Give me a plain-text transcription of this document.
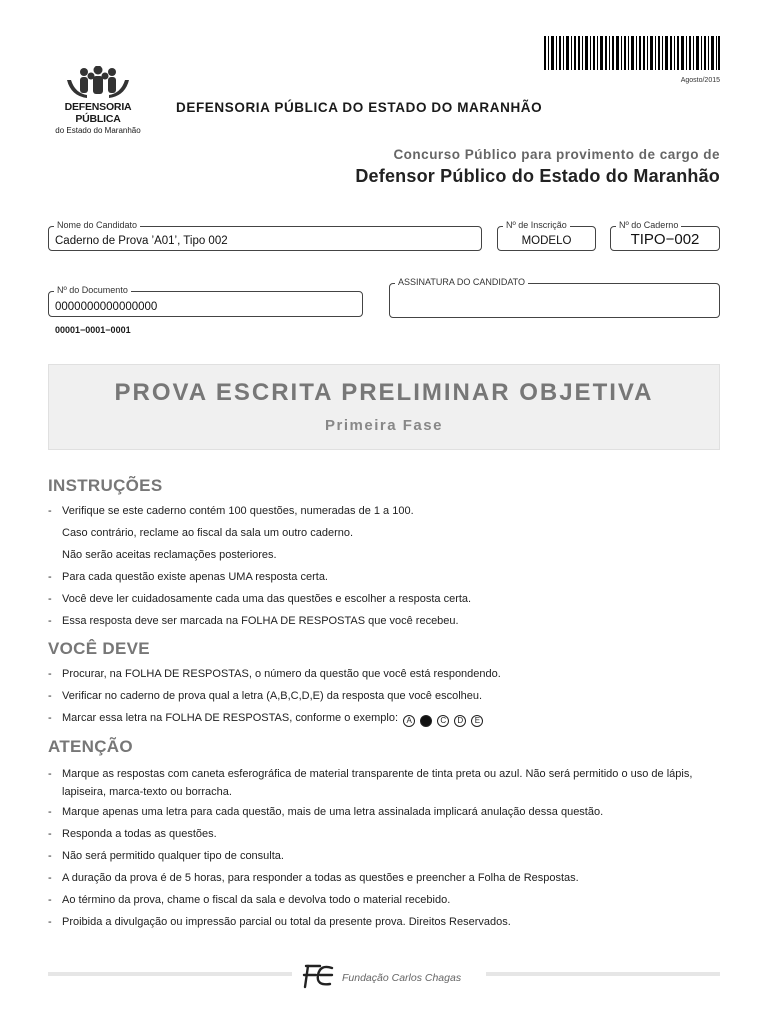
Agosto/2015
DEFENSORIA PÚBLICA
do Estado do Maranhão
DEFENSORIA PÚBLICA DO ESTADO DO MARANHÃO
Concurso Público para provimento de cargo de
Defensor Público do Estado do Maranhão
Nome do Candidato
Caderno de Prova ’A01’, Tipo 002
Nº de Inscrição
MODELO
Nº do Caderno
TIPO−002
Nº do Documento
0000000000000000
ASSINATURA DO CANDIDATO
00001−0001−0001
PROVA ESCRITA PRELIMINAR OBJETIVA
Primeira Fase
INSTRUÇÕES
- Verifique se este caderno contém 100 questões, numeradas de 1 a 100.
Caso contrário, reclame ao fiscal da sala um outro caderno.
Não serão aceitas reclamações posteriores.
- Para cada questão existe apenas UMA resposta certa.
- Você deve ler cuidadosamente cada uma das questões e escolher a resposta certa.
- Essa resposta deve ser marcada na FOLHA DE RESPOSTAS que você recebeu.
VOCÊ DEVE
- Procurar, na FOLHA DE RESPOSTAS, o número da questão que você está respondendo.
- Verificar no caderno de prova qual a letra (A,B,C,D,E) da resposta que você escolheu.
- Marcar essa letra na FOLHA DE RESPOSTAS, conforme o exemplo: A B C D E
ATENÇÃO
- Marque as respostas com caneta esferográfica de material transparente de tinta preta ou azul. Não será permitido o uso de lápis, lapiseira, marca-texto ou borracha.
- Marque apenas uma letra para cada questão, mais de uma letra assinalada implicará anulação dessa questão.
- Responda a todas as questões.
- Não será permitido qualquer tipo de consulta.
- A duração da prova é de 5 horas, para responder a todas as questões e preencher a Folha de Respostas.
- Ao término da prova, chame o fiscal da sala e devolva todo o material recebido.
- Proibida a divulgação ou impressão parcial ou total da presente prova. Direitos Reservados.
Fundação Carlos Chagas
